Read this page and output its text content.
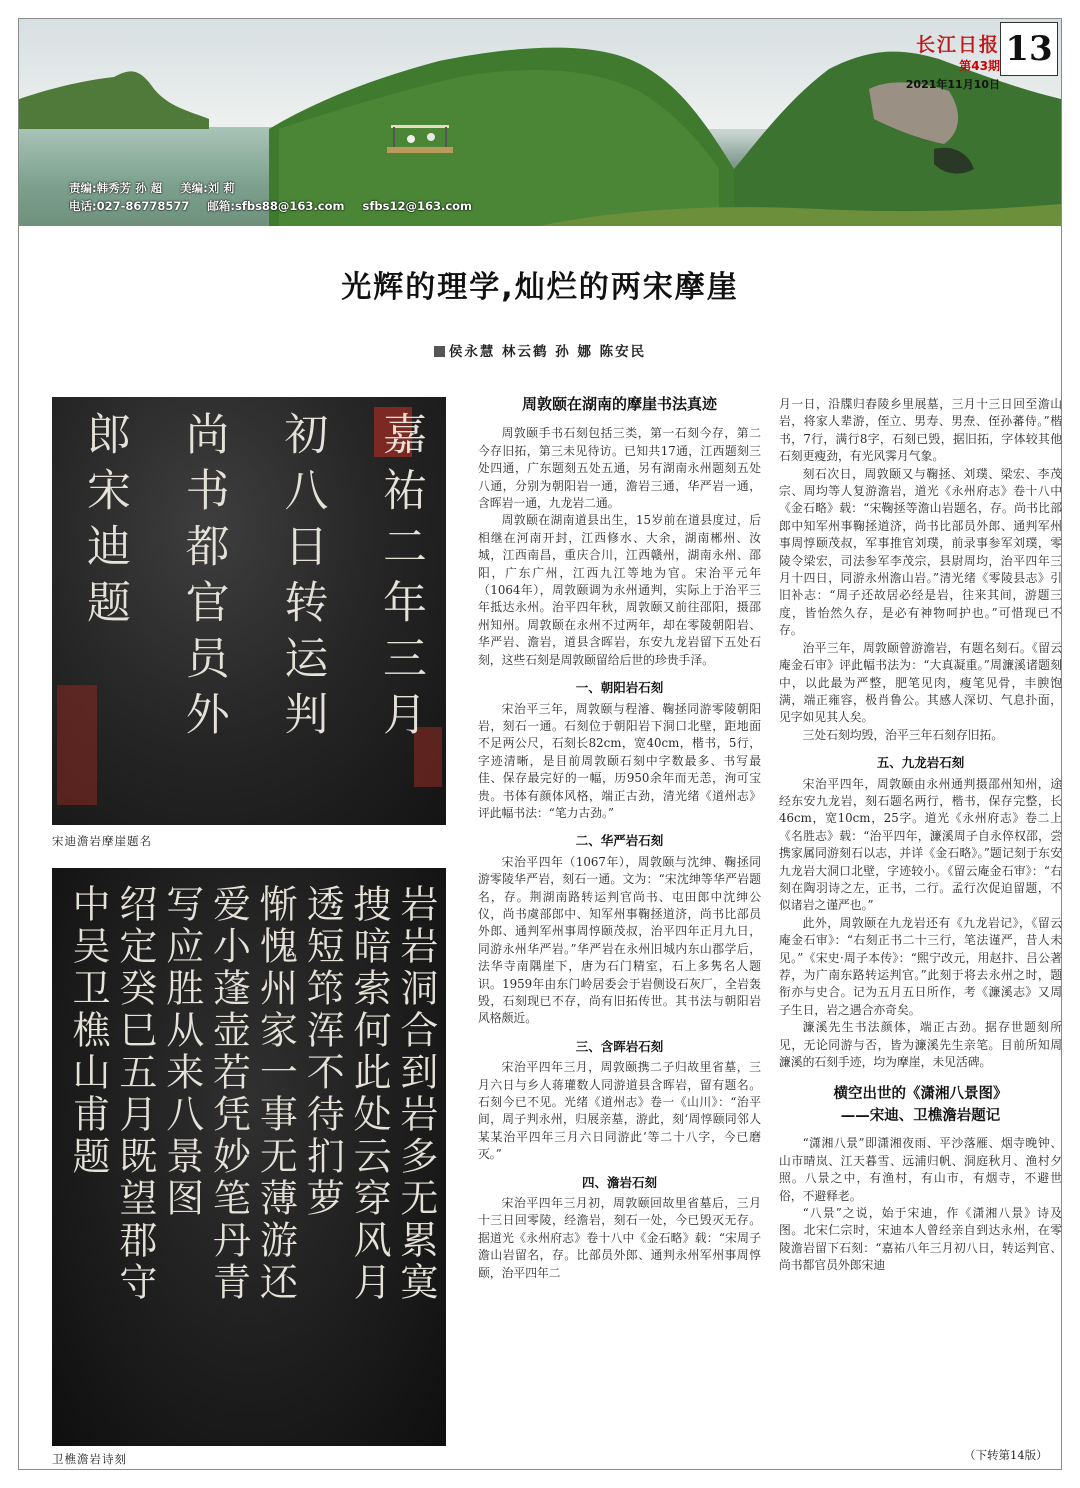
责编:韩秀芳 孙 超 美编:刘 莉
电话:027-86778577 邮箱:sfbs88@163.com sfbs12@163.com
长江日报
第43期
2021年11月10日
13
光辉的理学,灿烂的两宋摩崖
侯永慧 林云鹤 孙 娜 陈安民
嘉祐二年三月
初八日转运判
尚书都官员外
郎宋迪题
宋迪澹岩摩崖题名
岩岩洞合到岩多无累寞
捜暗索何此处云穿风月
透短筇浑不待扪萝
惭愧州家一事无薄游还
爱小蓬壶若凭妙笔丹青
写应胜从来八景图
绍定癸巳五月既望郡守
中吴卫樵山甫题
卫樵澹岩诗刻
周敦颐在湖南的摩崖书法真迹

周敦颐手书石刻包括三类，第一石刻今存，第二今存旧拓，第三未见待访。已知共17通，江西题刻三处四通，广东题刻五处五通，另有湖南永州题刻五处八通，分别为朝阳岩一通，澹岩三通，华严岩一通，含晖岩一通，九龙岩二通。

周敦颐在湖南道县出生，15岁前在道县度过，后相继在河南开封，江西修水、大余，湖南郴州、汝城，江西南昌，重庆合川，江西赣州，湖南永州、邵阳，广东广州，江西九江等地为官。宋治平元年（1064年），周敦颐调为永州通判，实际上于治平三年抵达永州。治平四年秋，周敦颐又前往邵阳，摄邵州知州。周敦颐在永州不过两年，却在零陵朝阳岩、华严岩、澹岩，道县含晖岩，东安九龙岩留下五处石刻，这些石刻是周敦颐留给后世的珍贵手泽。

一、朝阳岩石刻

宋治平三年，周敦颐与程濬、鞠拯同游零陵朝阳岩，刻石一通。石刻位于朝阳岩下洞口北壁，距地面不足两公尺，石刻长82cm，宽40cm，楷书，5行，字迹清晰，是目前周敦颐石刻中字数最多、书写最佳、保存最完好的一幅，历950余年而无恙，洵可宝贵。书体有颜体风格，端正古劲，清光绪《道州志》评此幅书法：“笔力古劲。”

二、华严岩石刻

宋治平四年（1067年），周敦颐与沈绅、鞠拯同游零陵华严岩，刻石一通。文为：“宋沈绅等华严岩题名，存。荆湖南路转运判官尚书、屯田郎中沈绅公仪，尚书虞部郎中、知军州事鞠拯道济，尚书比部员外郎、通判军州事周惇颐茂叔，治平四年正月九日，同游永州华严岩。”华严岩在永州旧城内东山郡学后，法华寺南隅崖下，唐为石门精室，石上多隽名人题识。1959年由东门岭居委会于岩侧设石灰厂，全岩轰毁，石刻现已不存，尚有旧拓传世。其书法与朝阳岩风格颇近。

三、含晖岩石刻

宋治平四年三月，周敦颐携二子归故里省墓，三月六日与乡人蒋瓘数人同游道县含晖岩，留有题名。石刻今已不见。光绪《道州志》卷一《山川》：“治平间，周子判永州，归展亲墓，游此，刻‘周惇颐同邻人某某治平四年三月六日同游此’等二十八字，今已磨灭。”

四、澹岩石刻

宋治平四年三月初，周敦颐回故里省墓后，三月十三日回零陵，经澹岩，刻石一处，今已毁灭无存。据道光《永州府志》卷十八中《金石略》载：“宋周子澹山岩留名，存。比部员外郎、通判永州军州事周惇颐，治平四年二

月一日，沿牒归舂陵乡里展墓，三月十三日回至澹山岩，将家人辈游，侄立、男寿、男焘、侄孙蕃侍。”楷书，7行，满行8字，石刻已毁，据旧拓，字体较其他石刻更瘦劲，有光风霁月气象。

刻石次日，周敦颐又与鞠拯、刘璞、梁宏、李茂宗、周均等人复游澹岩，道光《永州府志》卷十八中《金石略》载：“宋鞠拯等澹山岩题名，存。尚书比部郎中知军州事鞠拯道济，尚书比部员外郎、通判军州事周惇颐茂叔，军事推官刘璞，前录事参军刘璞，零陵令梁宏，司法参军李茂宗，县尉周均，治平四年三月十四日，同游永州澹山岩。”清光绪《零陵县志》引旧补志：“周子还故居必经是岩，往来其间，游题三度，皆怡然久存，是必有神物呵护也。”可惜现已不存。

治平三年，周敦颐曾游澹岩，有题名刻石。《留云庵金石审》评此幅书法为：“大真凝重。”周濂溪诸题刻中，以此最为严整，肥笔见肉，瘦笔见骨，丰腴饱满，端正雍容，极肖鲁公。其感人深切、气息扑面，见字如见其人矣。

三处石刻均毁，治平三年石刻存旧拓。

五、九龙岩石刻

宋治平四年，周敦颐由永州通判摄邵州知州，途经东安九龙岩，刻石题名两行，楷书，保存完整，长46cm，宽10cm，25字。道光《永州府志》卷二上《名胜志》载：“治平四年，濂溪周子自永倅权邵，尝携家属同游刻石以志，并详《金石略》。”题记刻于东安九龙岩大洞口北壁，字迹较小。《留云庵金石审》：“右刻在陶羽诗之左，正书，二行。孟行次促迫留题，不似诸岩之谨严也。”

此外，周敦颐在九龙岩还有《九龙岩记》，《留云庵金石审》：“右刻正书二十三行，笔法谨严，昔人未见。”《宋史·周子本传》：“熙宁改元，用赵抃、吕公著荐，为广南东路转运判官。”此刻于将去永州之时，题衔亦与史合。记为五月五日所作，考《濂溪志》又周子生日，岩之遇合亦奇矣。

濂溪先生书法颜体，端正古劲。据存世题刻所见，无论同游与否，皆为濂溪先生亲笔。目前所知周濂溪的石刻手迹，均为摩崖，未见活碑。

横空出世的《潇湘八景图》
——宋迪、卫樵澹岩题记

“潇湘八景”即潇湘夜雨、平沙落雁、烟寺晚钟、山市晴岚、江天暮雪、远浦归帆、洞庭秋月、渔村夕照。八景之中，有渔村，有山市，有烟寺，不避世俗，不避释老。

“八景”之说，始于宋迪，作《潇湘八景》诗及图。北宋仁宗时，宋迪本人曾经亲自到达永州，在零陵澹岩留下石刻：“嘉祐八年三月初八日，转运判官、尚书都官员外郎宋迪

（下转第14版）
